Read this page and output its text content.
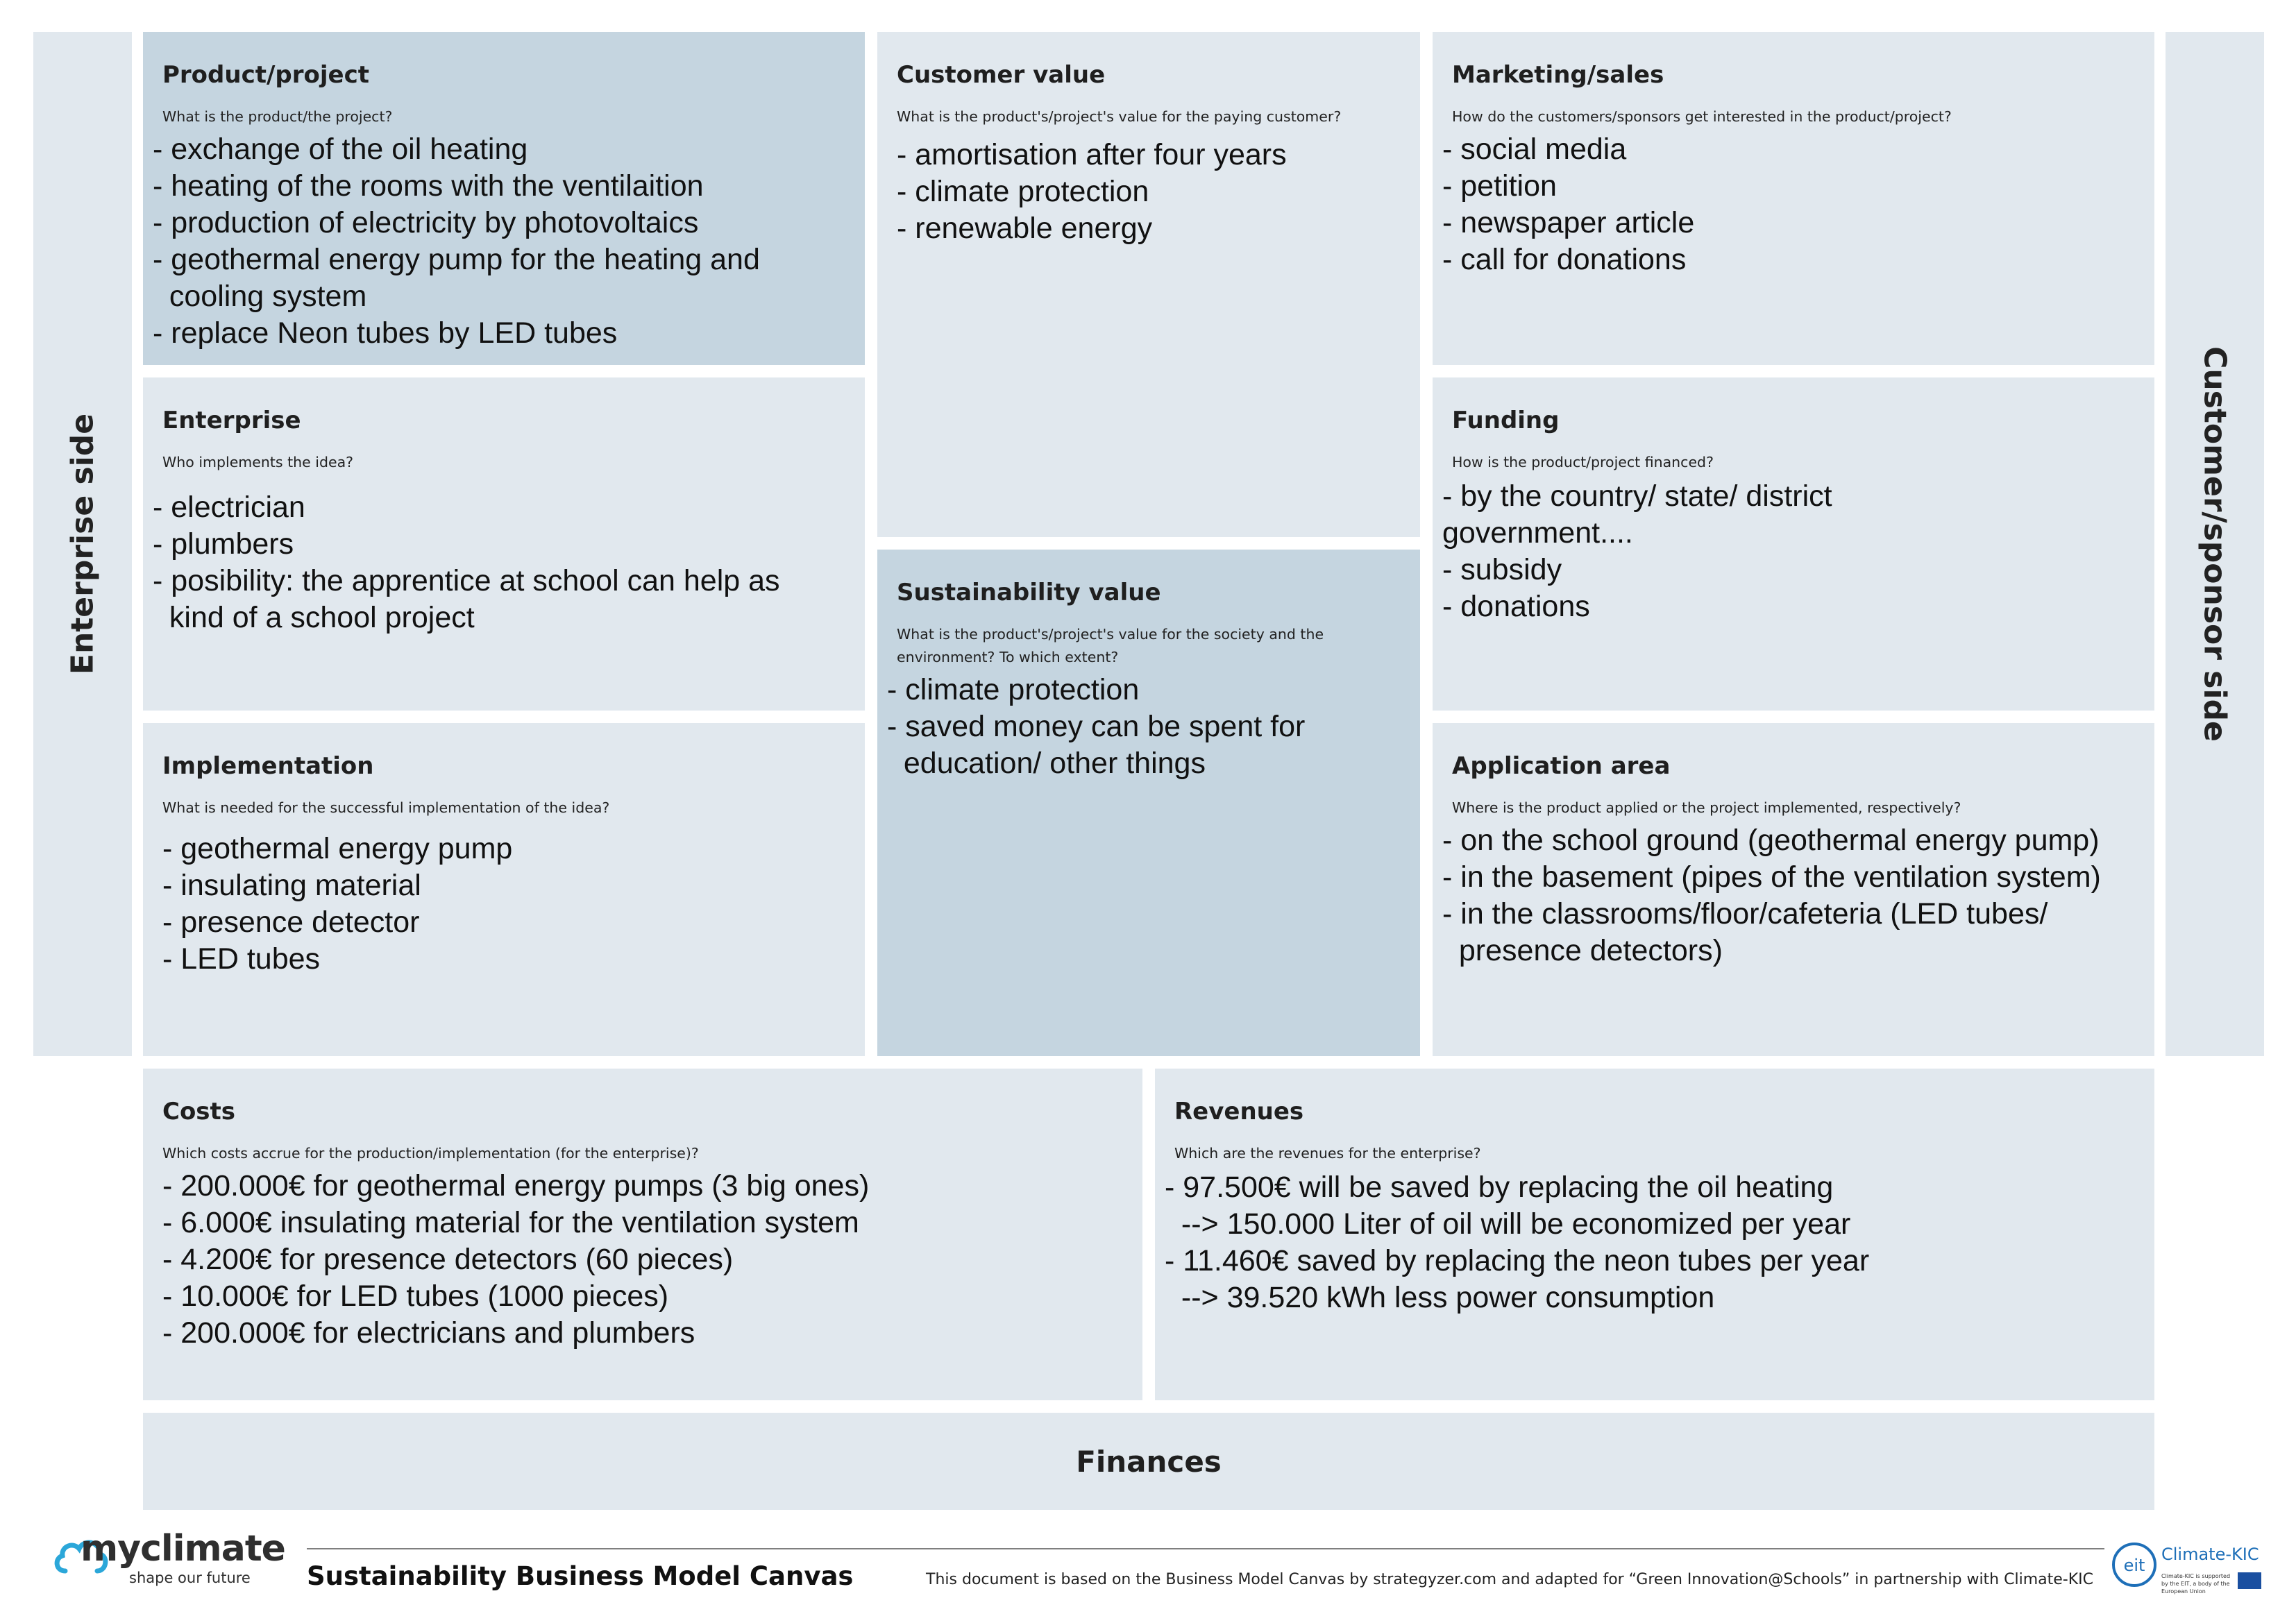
Enterprise side	Customer/sponsor side
Product/project
What is the product/the project?
- exchange of the oil heating
- heating of the rooms with the ventilaition
- production of electricity by photovoltaics
- geothermal energy pump for the heating and
cooling system
- replace Neon tubes by LED tubes
Enterprise
Who implements the idea?
- electrician
- plumbers
- posibility: the apprentice at school can help as
kind of a school project
Implementation
What is needed for the successful implementation of the idea?
- geothermal energy pump
- insulating material
- presence detector
- LED tubes
Customer value
What is the product's/project's value for the paying customer?
- amortisation after four years
- climate protection
- renewable energy
Sustainability value
What is the product's/project's value for the society and the environment? To which extent?
- climate protection
- saved money can be spent for
education/ other things
Marketing/sales
How do the customers/sponsors get interested in the product/project?
- social media
- petition
- newspaper article
- call for donations
Funding
How is the product/project financed?
- by the country/ state/ district
government....
- subsidy
- donations
Application area
Where is the product applied or the project implemented, respectively?
- on the school ground (geothermal energy pump)
- in the basement (pipes of the ventilation system)
- in the classrooms/floor/cafeteria (LED tubes/
presence detectors)
Costs
Which costs accrue for the production/implementation (for the enterprise)?
- 200.000€ for geothermal energy pumps (3 big ones)
- 6.000€ insulating material for the ventilation system
- 4.200€ for presence detectors (60 pieces)
- 10.000€ for LED tubes (1000 pieces)
- 200.000€ for electricians and plumbers
Revenues
Which are the revenues for the enterprise?
- 97.500€ will be saved by replacing the oil heating
--> 150.000 Liter of oil will be economized per year
- 11.460€ saved by replacing the neon tubes per year
--> 39.520 kWh less power consumption
Finances
myclimate
shape our future Sustainability Business Model Canvas	This document is based on the Business Model Canvas by strategyzer.com and adapted for “Green Innovation@Schools” in partnership with Climate-KIC
eit
Climate-KIC
Climate-KIC is supported by the EIT, a body of the European Union
